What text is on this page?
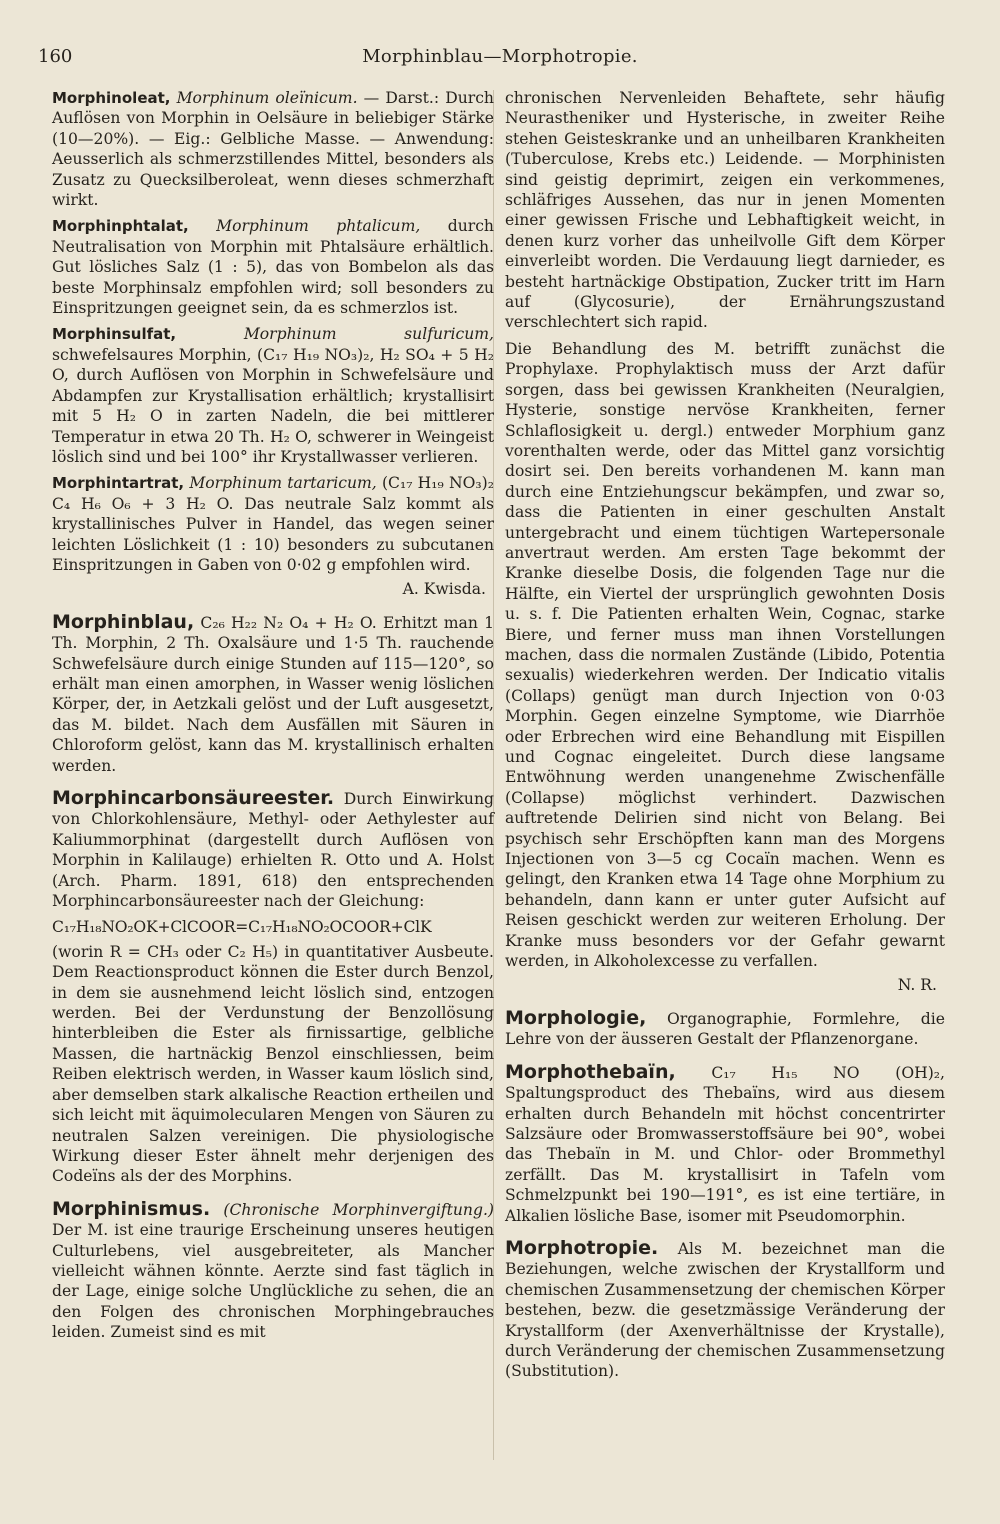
160	Morphinblau—Morphotropie.

Morphinoleat, Morphinum oleïnicum. — Darst.: Durch Auflösen von Morphin in Oelsäure in beliebiger Stärke (10—20%). — Eig.: Gelbliche Masse. — Anwendung: Aeusserlich als schmerzstillendes Mittel, besonders als Zusatz zu Quecksilberoleat, wenn dieses schmerzhaft wirkt.

Morphinphtalat, Morphinum phtalicum, durch Neutralisation von Morphin mit Phtalsäure erhältlich. Gut lösliches Salz (1 : 5), das von Bombelon als das beste Morphinsalz empfohlen wird; soll besonders zu Einspritzungen geeignet sein, da es schmerzlos ist.

Morphinsulfat,	Morphinum sulfuricum, schwefelsaures Morphin, (C₁₇ H₁₉ NO₃)₂, H₂ SO₄ + 5 H₂ O, durch Auflösen von Morphin in Schwefelsäure und Abdampfen zur Krystallisation erhältlich; krystallisirt mit 5 H₂ O in zarten Nadeln, die bei mittlerer Temperatur in etwa 20 Th. H₂ O, schwerer in Weingeist löslich sind und bei 100° ihr Krystallwasser verlieren.

Morphintartrat, Morphinum tartaricum, (C₁₇ H₁₉ NO₃)₂ C₄ H₆ O₆ + 3 H₂ O. Das neutrale Salz kommt als krystallinisches Pulver in Handel, das wegen seiner leichten Löslichkeit (1 : 10) besonders zu subcutanen Einspritzungen in Gaben von 0·02 g empfohlen wird.

A. Kwisda.

Morphinblau, C₂₆ H₂₂ N₂ O₄ + H₂ O. Erhitzt man 1 Th. Morphin, 2 Th. Oxalsäure und 1·5 Th. rauchende Schwefelsäure durch einige Stunden auf 115—120°, so erhält man einen amorphen, in Wasser wenig löslichen Körper, der, in Aetzkali gelöst und der Luft ausgesetzt, das M. bildet. Nach dem Ausfällen mit Säuren in Chloroform gelöst, kann das M. krystallinisch erhalten werden.

Morphincarbonsäureester. Durch Einwirkung von Chlorkohlensäure, Methyl- oder Aethylester auf Kaliummorphinat (dargestellt durch Auflösen von Morphin in Kalilauge) erhielten R. Otto und A. Holst (Arch. Pharm. 1891, 618) den entsprechenden Morphincarbonsäureester nach der Gleichung:

C₁₇H₁₈NO₂OK+ClCOOR=C₁₇H₁₈NO₂OCOOR+ClK

(worin R = CH₃ oder C₂ H₅) in quantitativer Ausbeute. Dem Reactionsproduct können die Ester durch Benzol, in dem sie ausnehmend leicht löslich sind, entzogen werden. Bei der Verdunstung der Benzollösung hinterbleiben die Ester als firnissartige, gelbliche Massen, die hartnäckig Benzol einschliessen, beim Reiben elektrisch werden, in Wasser kaum löslich sind, aber demselben stark alkalische Reaction ertheilen und sich leicht mit äquimolecularen Mengen von Säuren zu neutralen Salzen vereinigen. Die physiologische Wirkung dieser Ester ähnelt mehr derjenigen des Codeïns als der des Morphins.

Morphinismus. (Chronische Morphinvergiftung.) Der M. ist eine traurige Erscheinung unseres heutigen Culturlebens, viel ausgebreiteter, als Mancher vielleicht wähnen könnte. Aerzte sind fast täglich in der Lage, einige solche Unglückliche zu sehen, die an den Folgen des chronischen Morphingebrauches leiden. Zumeist sind es mit

chronischen Nervenleiden Behaftete, sehr häufig Neurastheniker und Hysterische, in zweiter Reihe stehen Geisteskranke und an unheilbaren Krankheiten (Tuberculose, Krebs etc.) Leidende. — Morphinisten sind geistig deprimirt, zeigen ein verkommenes, schläfriges Aussehen, das nur in jenen Momenten einer gewissen Frische und Lebhaftigkeit weicht, in denen kurz vorher das unheilvolle Gift dem Körper einverleibt worden. Die Verdauung liegt darnieder, es besteht hartnäckige Obstipation, Zucker tritt im Harn auf (Glycosurie), der Ernährungszustand verschlechtert sich rapid.

Die Behandlung des M. betrifft zunächst die Prophylaxe. Prophylaktisch muss der Arzt dafür sorgen, dass bei gewissen Krankheiten (Neuralgien, Hysterie, sonstige nervöse Krankheiten, ferner Schlaflosigkeit u. dergl.) entweder Morphium ganz vorenthalten werde, oder das Mittel ganz vorsichtig dosirt sei. Den bereits vorhandenen M. kann man durch eine Entziehungscur bekämpfen, und zwar so, dass die Patienten in einer geschulten Anstalt untergebracht und einem tüchtigen Wartepersonale anvertraut werden. Am ersten Tage bekommt der Kranke dieselbe Dosis, die folgenden Tage nur die Hälfte, ein Viertel der ursprünglich gewohnten Dosis u. s. f. Die Patienten erhalten Wein, Cognac, starke Biere, und ferner muss man ihnen Vorstellungen machen, dass die normalen Zustände (Libido, Potentia sexualis) wiederkehren werden. Der Indicatio vitalis (Collaps) genügt man durch Injection von 0·03 Morphin. Gegen einzelne Symptome, wie Diarrhöe oder Erbrechen wird eine Behandlung mit Eispillen und Cognac eingeleitet. Durch diese langsame Entwöhnung werden unangenehme Zwischenfälle (Collapse) möglichst verhindert. Dazwischen auftretende Delirien sind nicht von Belang. Bei psychisch sehr Erschöpften kann man des Morgens Injectionen von 3—5 cg Cocaïn machen. Wenn es gelingt, den Kranken etwa 14 Tage ohne Morphium zu behandeln, dann kann er unter guter Aufsicht auf Reisen geschickt werden zur weiteren Erholung. Der Kranke muss besonders vor der Gefahr gewarnt werden, in Alkoholexcesse zu verfallen.

N. R.

Morphologie, Organographie, Formlehre, die Lehre von der äusseren Gestalt der Pflanzenorgane.

Morphothebaïn, C₁₇ H₁₅ NO (OH)₂, Spaltungsproduct des Thebaïns, wird aus diesem erhalten durch Behandeln mit höchst concentrirter Salzsäure oder Bromwasserstoffsäure bei 90°, wobei das Thebaïn in M. und Chlor- oder Brommethyl zerfällt. Das M. krystallisirt in Tafeln vom Schmelzpunkt bei 190—191°, es ist eine tertiäre, in Alkalien lösliche Base, isomer mit Pseudomorphin.

Morphotropie. Als M. bezeichnet man die Beziehungen, welche zwischen der Krystallform und chemischen Zusammensetzung der chemischen Körper bestehen, bezw. die gesetzmässige Veränderung der Krystallform (der Axenverhältnisse der Krystalle), durch Veränderung der chemischen Zusammensetzung (Substitution).
